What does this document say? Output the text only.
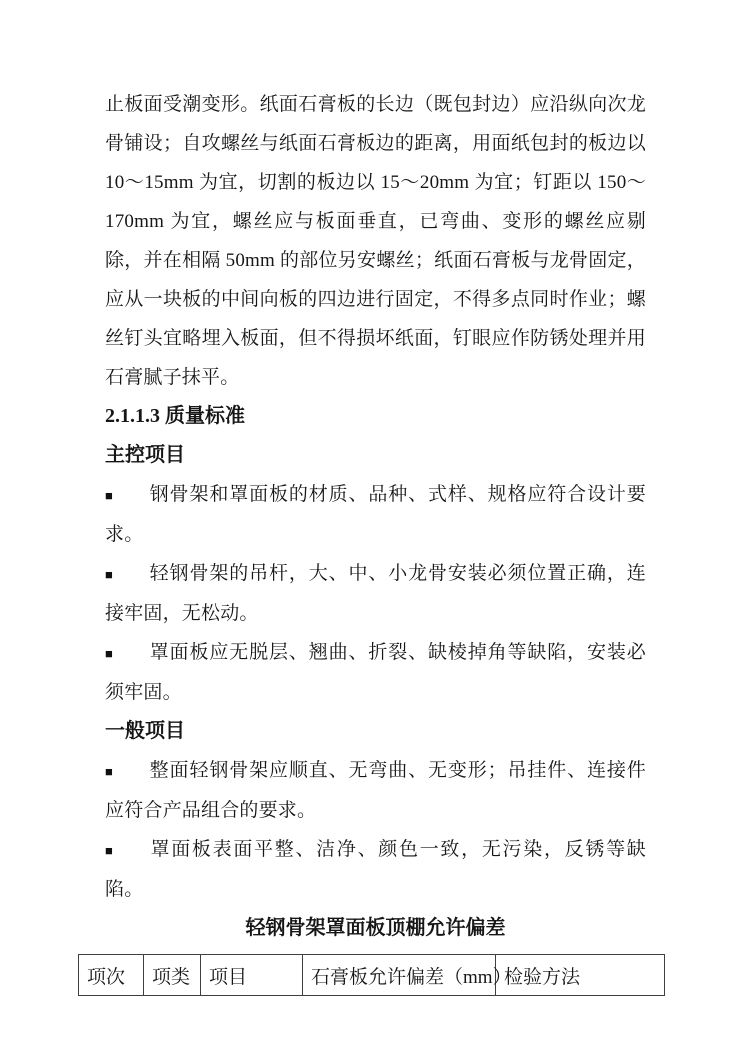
止板面受潮变形。纸面石膏板的长边（既包封边）应沿纵向次龙骨铺设；自攻螺丝与纸面石膏板边的距离，用面纸包封的板边以 10～15mm 为宜，切割的板边以 15～20mm 为宜；钉距以 150～170mm 为宜，螺丝应与板面垂直，已弯曲、变形的螺丝应剔除，并在相隔 50mm 的部位另安螺丝；纸面石膏板与龙骨固定，应从一块板的中间向板的四边进行固定，不得多点同时作业；螺丝钉头宜略埋入板面，但不得损坏纸面，钉眼应作防锈处理并用石膏腻子抹平。

2.1.1.3 质量标准

主控项目

■ 钢骨架和罩面板的材质、品种、式样、规格应符合设计要求。

■ 轻钢骨架的吊杆，大、中、小龙骨安装必须位置正确，连接牢固，无松动。

■ 罩面板应无脱层、翘曲、折裂、缺棱掉角等缺陷，安装必须牢固。

一般项目

■ 整面轻钢骨架应顺直、无弯曲、无变形；吊挂件、连接件应符合产品组合的要求。

■ 罩面板表面平整、洁净、颜色一致，无污染，反锈等缺陷。

轻钢骨架罩面板顶棚允许偏差

项次	项类	项目	石膏板允许偏差（mm）	检验方法
